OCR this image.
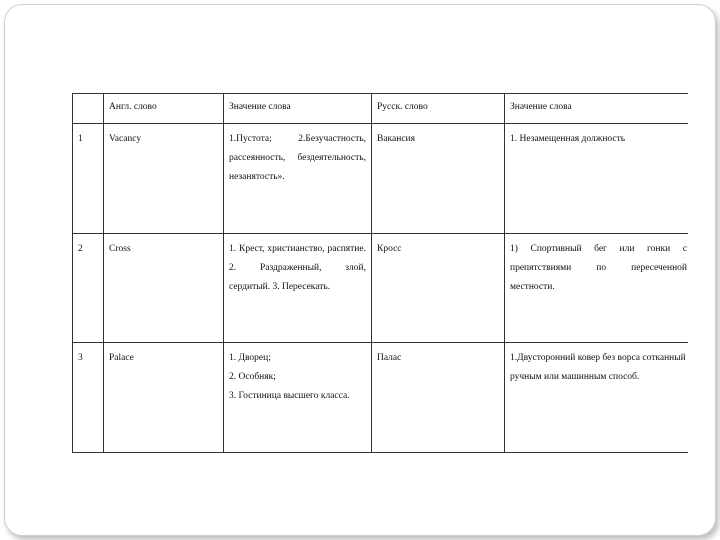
	Англ. слово	Значение слова	Русск. слово	Значение слова
1	Vacancy	1.Пустота; 2.Безучастность, рассеянность, бездеятельность, незанятость».	Вакансия	1. Незамещенная должность
2	Cross	1. Крест, христианство, распятие. 2. Раздраженный, злой, сердитый. 3. Пересекать.	Кросс	1) Спортивный бег или гонки с препятствиями по пересеченной местности.
3	Palace	1. Дворец;
2. Особняк;
3. Гостиница высшего класса.	Палас	1.Двусторонний ковер без ворса сотканный ручным или машинным способ.
